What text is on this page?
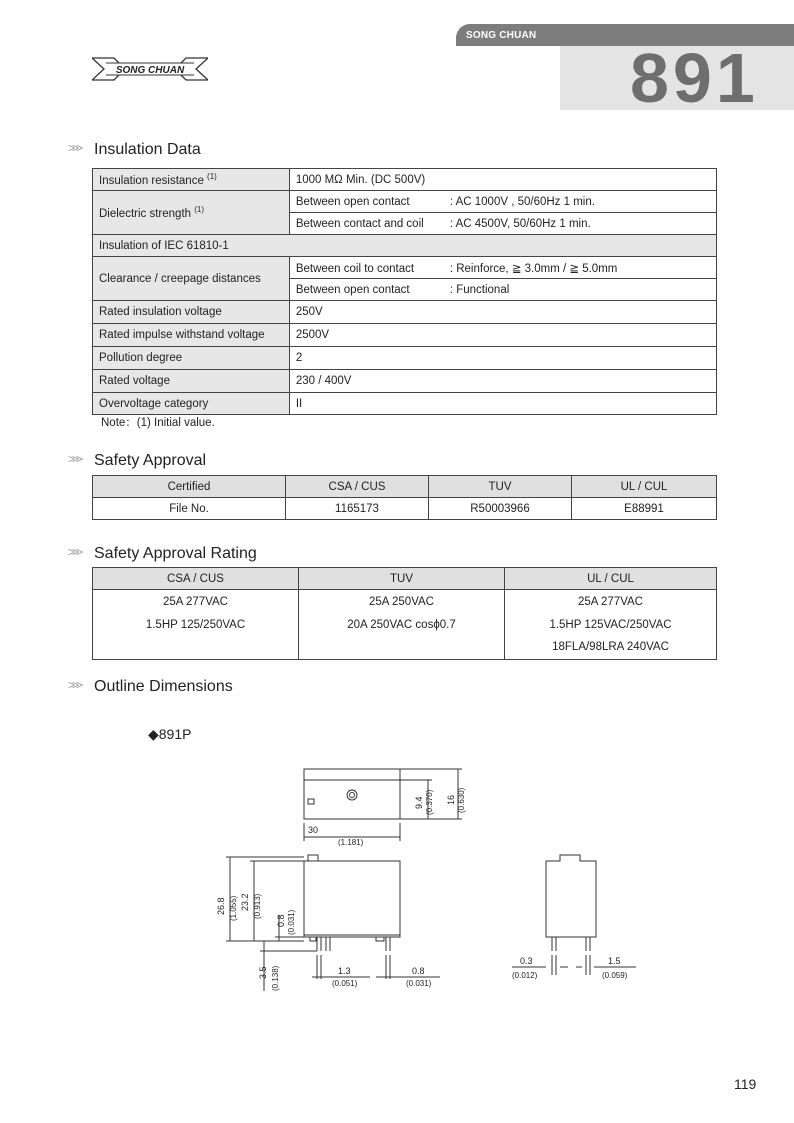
SONG CHUAN
891
SONG CHUAN
>>> Insulation Data
Insulation resistance $^{(1)}$	1000 MΩ Min. (DC 500V)
Dielectric strength $^{(1)}$	Between open contact : AC 1000V , 50/60Hz 1 min.
	Between contact and coil : AC 4500V, 50/60Hz 1 min.
Insulation of IEC 61810-1	
Clearance / creepage distances	Between coil to contact : Reinforce, ≧ 3.0mm / ≧ 5.0mm
	Between open contact : Functional
Rated insulation voltage	250V
Rated impulse withstand voltage	2500V
Pollution degree	2
Rated voltage	230 / 400V
Overvoltage category	II
Note：(1) Initial value.
>>> Safety Approval
Certified	CSA / CUS	TUV	UL / CUL
File No.	1165173	R50003966	E88991
>>> Safety Approval Rating
CSA / CUS	TUV	UL / CUL
25A 277VAC	25A 250VAC	25A 277VAC
1.5HP 125/250VAC	20A 250VAC cosϕ0.7	1.5HP 125VAC/250VAC
		18FLA/98LRA 240VAC
>>> Outline Dimensions
◆891P
30
(1.181)
9.4 (0.370) 16 (0.630)
26.8 (1.055) 23.2 (0.913)
0.8 (0.031)
3.5 (0.138)	1.3
(0.051)
0.8
(0.031)
0.3
(0.012)
1.5
(0.059)
119
